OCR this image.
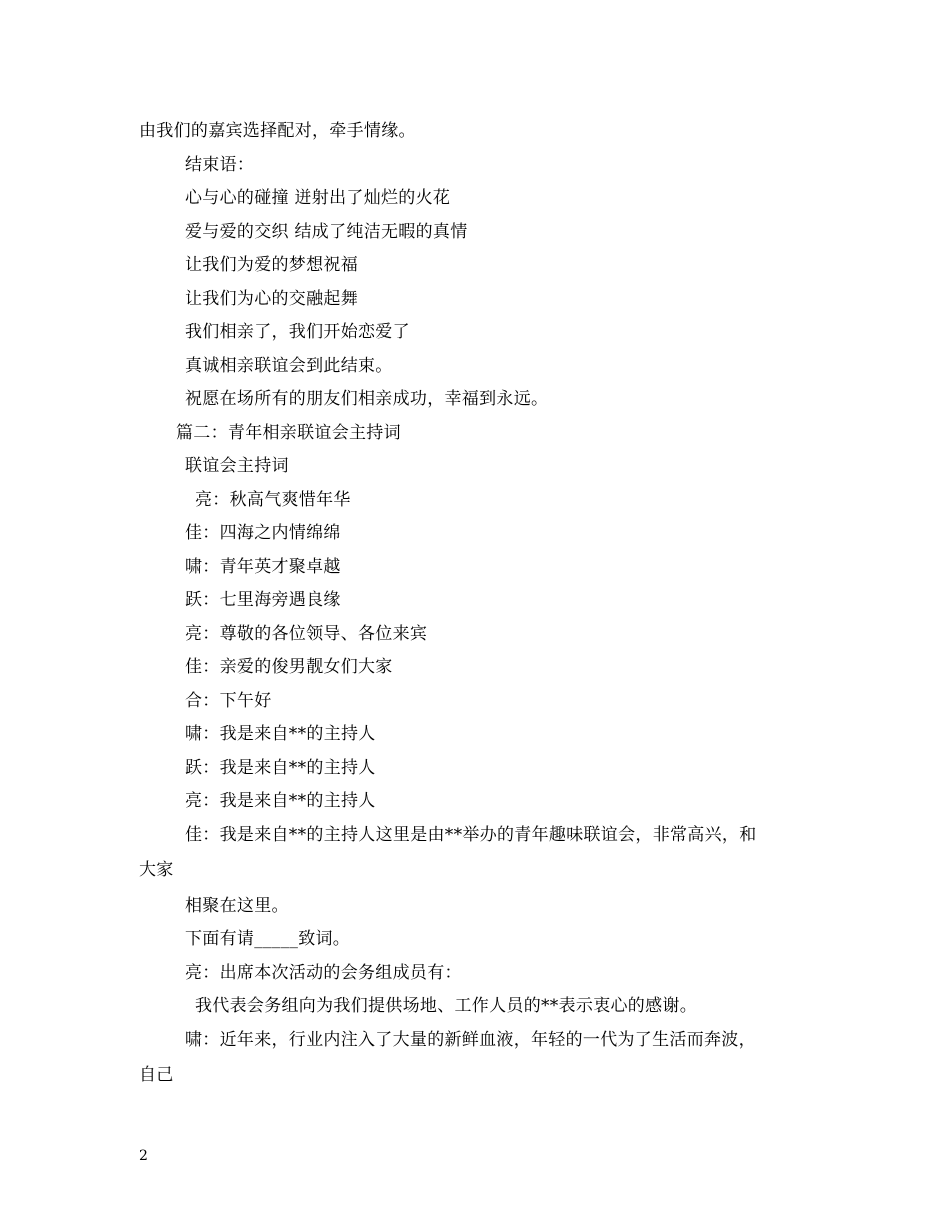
由我们的嘉宾选择配对，牵手情缘。
结束语：
心与心的碰撞 迸射出了灿烂的火花
爱与爱的交织 结成了纯洁无暇的真情
让我们为爱的梦想祝福
让我们为心的交融起舞
我们相亲了，我们开始恋爱了
真诚相亲联谊会到此结束。
祝愿在场所有的朋友们相亲成功，幸福到永远。
篇二：青年相亲联谊会主持词
联谊会主持词
亮：秋高气爽惜年华
佳：四海之内情绵绵
啸：青年英才聚卓越
跃：七里海旁遇良缘
亮：尊敬的各位领导、各位来宾
佳：亲爱的俊男靓女们大家
合：下午好
啸：我是来自**的主持人
跃：我是来自**的主持人
亮：我是来自**的主持人
佳：我是来自**的主持人这里是由**举办的青年趣味联谊会，非常高兴，和
大家
相聚在这里。
下面有请_____致词。
亮：出席本次活动的会务组成员有：
我代表会务组向为我们提供场地、工作人员的**表示衷心的感谢。
啸：近年来，行业内注入了大量的新鲜血液，年轻的一代为了生活而奔波，
自己
2
